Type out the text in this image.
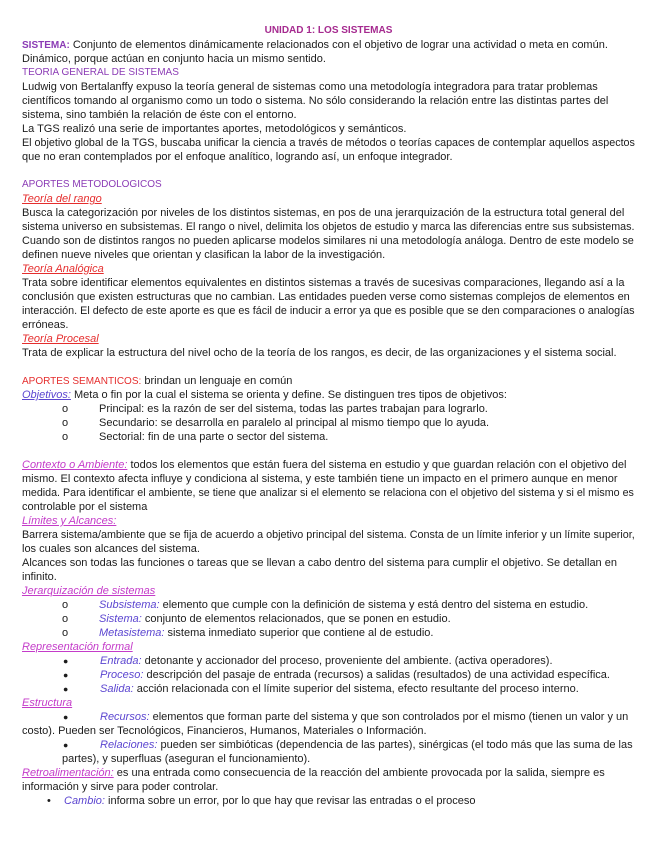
UNIDAD 1: LOS SISTEMAS
SISTEMA: Conjunto de elementos dinámicamente relacionados con el objetivo de lograr una actividad o meta en común.
Dinámico, porque actúan en conjunto hacia un mismo sentido.
TEORIA GENERAL DE SISTEMAS
Ludwig von Bertalanffy expuso la teoría general de sistemas como una metodología integradora para tratar problemas
científicos tomando al organismo como un todo o sistema. No sólo considerando la relación entre las distintas partes del
sistema, sino también la relación de éste con el entorno.
La TGS realizó una serie de importantes aportes, metodológicos y semánticos.
El objetivo global de la TGS, buscaba unificar la ciencia a través de métodos o teorías capaces de contemplar aquellos aspectos
que no eran contemplados por el enfoque analítico, logrando así, un enfoque integrador.
APORTES METODOLOGICOS
Teoría del rango
Busca la categorización por niveles de los distintos sistemas, en pos de una jerarquización de la estructura total general del
sistema universo en subsistemas. El rango o nivel, delimita los objetos de estudio y marca las diferencias entre sus subsistemas.
Cuando son de distintos rangos no pueden aplicarse modelos similares ni una metodología análoga. Dentro de este modelo se
definen nueve niveles que orientan y clasifican la labor de la investigación.
Teoría Analógica
Trata sobre identificar elementos equivalentes en distintos sistemas a través de sucesivas comparaciones, llegando así a la
conclusión que existen estructuras que no cambian. Las entidades pueden verse como sistemas complejos de elementos en
interacción. El defecto de este aporte es que es fácil de inducir a error ya que es posible que se den comparaciones o analogías
erróneas.
Teoría Procesal
Trata de explicar la estructura del nivel ocho de la teoría de los rangos, es decir, de las organizaciones y el sistema social.
APORTES SEMANTICOS: brindan un lenguaje en común
Objetivos: Meta o fin por la cual el sistema se orienta y define. Se distinguen tres tipos de objetivos:
o	Principal: es la razón de ser del sistema, todas las partes trabajan para lograrlo.
o	Secundario: se desarrolla en paralelo al principal al mismo tiempo que lo ayuda.
o	Sectorial: fin de una parte o sector del sistema.
Contexto o Ambiente: todos los elementos que están fuera del sistema en estudio y que guardan relación con el objetivo del
mismo. El contexto afecta influye y condiciona al sistema, y este también tiene un impacto en el primero aunque en menor
medida. Para identificar el ambiente, se tiene que analizar si el elemento se relaciona con el objetivo del sistema y si el mismo es
controlable por el sistema
Límites y Alcances:
Barrera sistema/ambiente que se fija de acuerdo a objetivo principal del sistema. Consta de un límite inferior y un límite superior,
los cuales son alcances del sistema.
Alcances son todas las funciones o tareas que se llevan a cabo dentro del sistema para cumplir el objetivo. Se detallan en
infinito.
Jerarquización de sistemas
o	Subsistema: elemento que cumple con la definición de sistema y está dentro del sistema en estudio.
o	Sistema: conjunto de elementos relacionados, que se ponen en estudio.
o	Metasistema: sistema inmediato superior que contiene al de estudio.
Representación formal
●	Entrada: detonante y accionador del proceso, proveniente del ambiente. (activa operadores).
●	Proceso: descripción del pasaje de entrada (recursos) a salidas (resultados) de una actividad específica.
●	Salida: acción relacionada con el límite superior del sistema, efecto resultante del proceso interno.
Estructura
●	Recursos: elementos que forman parte del sistema y que son controlados por el mismo (tienen un valor y un
costo). Pueden ser Tecnológicos, Financieros, Humanos, Materiales o Información.
●	Relaciones: pueden ser simbióticas (dependencia de las partes), sinérgicas (el todo más que las suma de las
partes), y superfluas (aseguran el funcionamiento).
Retroalimentación: es una entrada como consecuencia de la reacción del ambiente provocada por la salida, siempre es
información y sirve para poder controlar.
• Cambio: informa sobre un error, por lo que hay que revisar las entradas o el proceso
